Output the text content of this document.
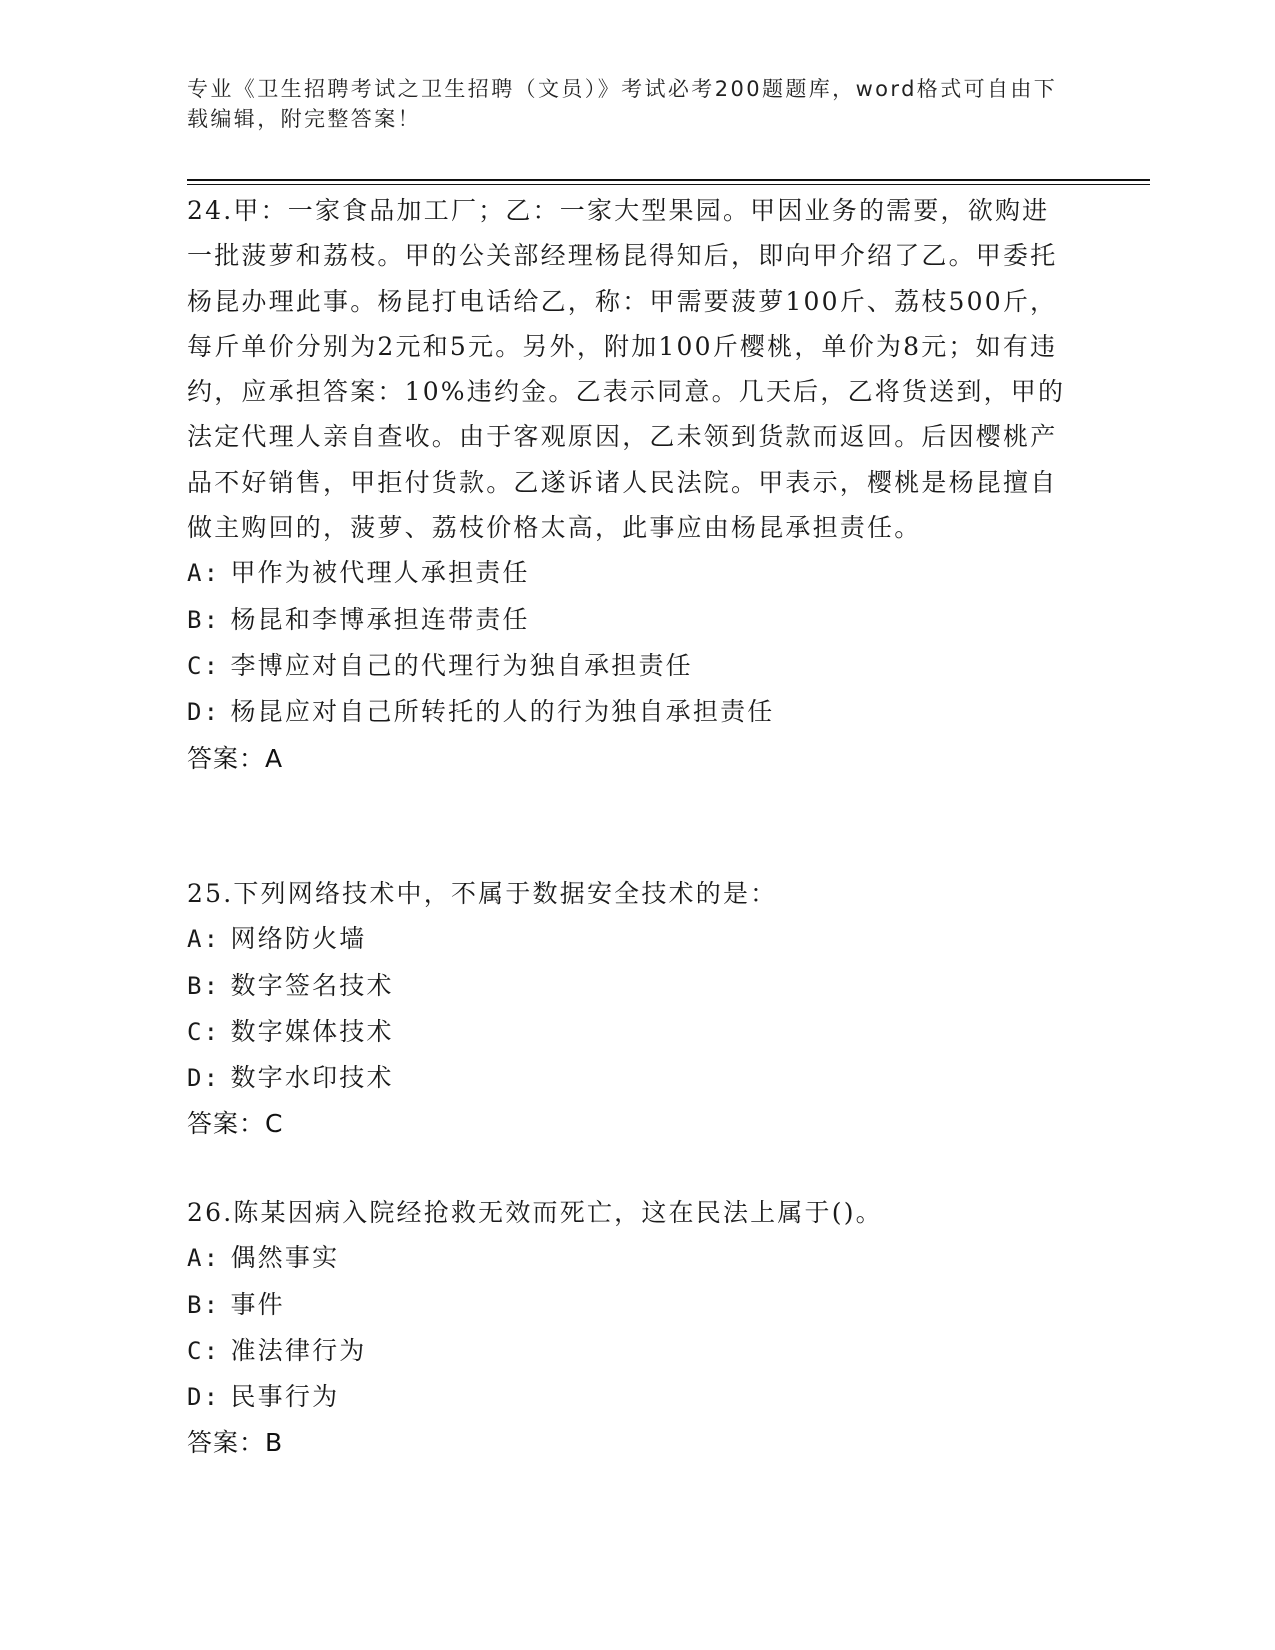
专业《卫生招聘考试之卫生招聘（文员）》考试必考200题题库，word格式可自由下载编辑，附完整答案！

24.甲：一家食品加工厂；乙：一家大型果园。甲因业务的需要，欲购进一批菠萝和荔枝。甲的公关部经理杨昆得知后，即向甲介绍了乙。甲委托杨昆办理此事。杨昆打电话给乙，称：甲需要菠萝100斤、荔枝500斤，每斤单价分别为2元和5元。另外，附加100斤樱桃，单价为8元；如有违约，应承担答案：10%违约金。乙表示同意。几天后，乙将货送到，甲的法定代理人亲自查收。由于客观原因，乙未领到货款而返回。后因樱桃产品不好销售，甲拒付货款。乙遂诉诸人民法院。甲表示，樱桃是杨昆擅自做主购回的，菠萝、荔枝价格太高，此事应由杨昆承担责任。

A: 甲作为被代理人承担责任

B: 杨昆和李博承担连带责任

C: 李博应对自己的代理行为独自承担责任

D: 杨昆应对自己所转托的人的行为独自承担责任

答案：A

25.下列网络技术中，不属于数据安全技术的是：

A: 网络防火墙

B: 数字签名技术

C: 数字媒体技术

D: 数字水印技术

答案：C

26.陈某因病入院经抢救无效而死亡，这在民法上属于()。

A: 偶然事实

B: 事件

C: 准法律行为

D: 民事行为

答案：B
